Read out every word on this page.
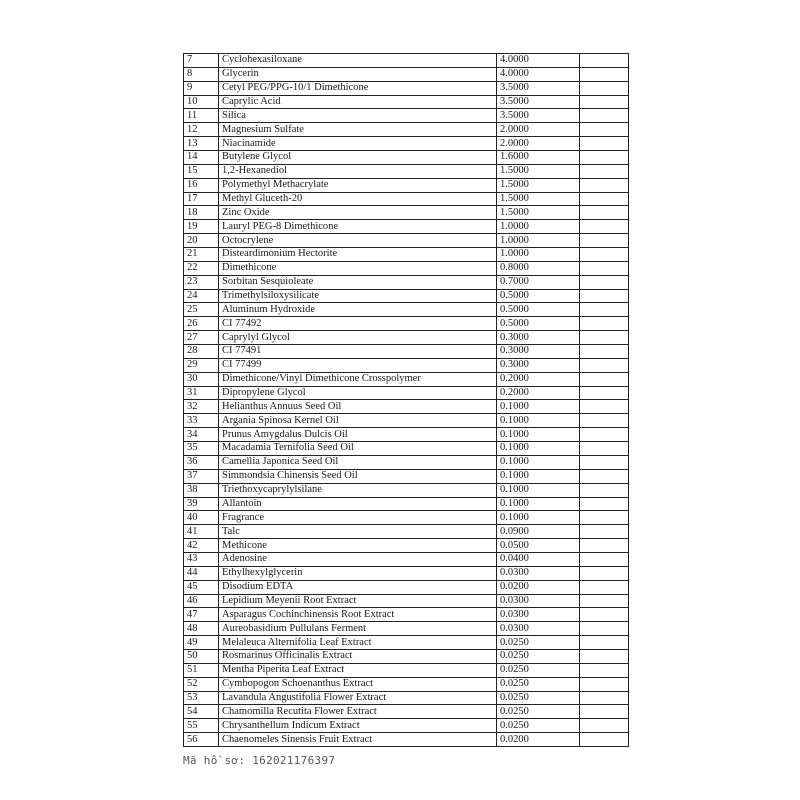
7	Cyclohexasiloxane	4.0000	
8	Glycerin	4.0000	
9	Cetyl PEG/PPG-10/1 Dimethicone	3.5000	
10	Caprylic Acid	3.5000	
11	Silica	3.5000	
12	Magnesium Sulfate	2.0000	
13	Niacinamide	2.0000	
14	Butylene Glycol	1.6000	
15	1,2-Hexanediol	1.5000	
16	Polymethyl Methacrylate	1.5000	
17	Methyl Gluceth-20	1.5000	
18	Zinc Oxide	1.5000	
19	Lauryl PEG-8 Dimethicone	1.0000	
20	Octocrylene	1.0000	
21	Disteardimonium Hectorite	1.0000	
22	Dimethicone	0.8000	
23	Sorbitan Sesquioleate	0.7000	
24	Trimethylsiloxysilicate	0.5000	
25	Aluminum Hydroxide	0.5000	
26	CI 77492	0.5000	
27	Caprylyl Glycol	0.3000	
28	CI 77491	0.3000	
29	CI 77499	0.3000	
30	Dimethicone/Vinyl Dimethicone Crosspolymer	0.2000	
31	Dipropylene Glycol	0.2000	
32	Helianthus Annuus Seed Oil	0.1000	
33	Argania Spinosa Kernel Oil	0.1000	
34	Prunus Amygdalus Dulcis Oil	0.1000	
35	Macadamia Ternifolia Seed Oil	0.1000	
36	Camellia Japonica Seed Oil	0.1000	
37	Simmondsia Chinensis Seed Oil	0.1000	
38	Triethoxycaprylylsilane	0.1000	
39	Allantoin	0.1000	
40	Fragrance	0.1000	
41	Talc	0.0900	
42	Methicone	0.0500	
43	Adenosine	0.0400	
44	Ethylhexylglycerin	0.0300	
45	Disodium EDTA	0.0200	
46	Lepidium Meyenii Root Extract	0.0300	
47	Asparagus Cochinchinensis Root Extract	0.0300	
48	Aureobasidium Pullulans Ferment	0.0300	
49	Melaleuca Alternifolia Leaf Extract	0.0250	
50	Rosmarinus Officinalis Extract	0.0250	
51	Mentha Piperita Leaf Extract	0.0250	
52	Cymbopogon Schoenanthus Extract	0.0250	
53	Lavandula Angustifolia Flower Extract	0.0250	
54	Chamomilla Recutita Flower Extract	0.0250	
55	Chrysanthellum Indicum Extract	0.0250	
56	Chaenomeles Sinensis Fruit Extract	0.0200	
Mã hồ sơ: 162021176397
